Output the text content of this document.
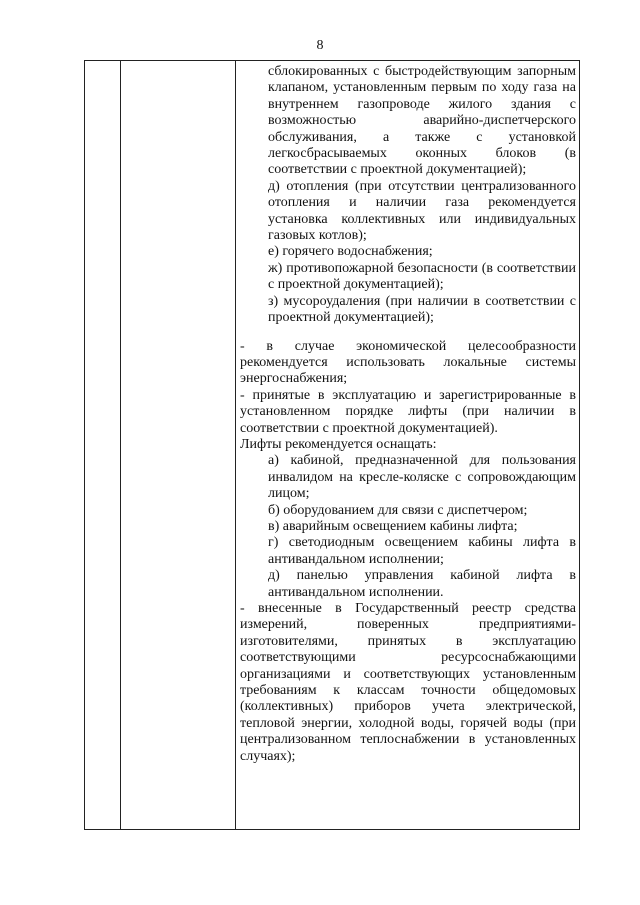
8

сблокированных с быстродействующим запорным клапаном, установленным первым по ходу газа на внутреннем газопроводе жилого здания с возможностью аварийно-диспетчерского обслуживания, а также с установкой легкосбрасываемых оконных блоков (в соответствии с проектной документацией);

д) отопления (при отсутствии централизованного отопления и наличии газа рекомендуется установка коллективных или индивидуальных газовых котлов);

е) горячего водоснабжения;

ж) противопожарной безопасности (в соответствии с проектной документацией);

з) мусороудаления (при наличии в соответствии с проектной документацией);

- в случае экономической целесообразности рекомендуется использовать локальные системы энергоснабжения;

- принятые в эксплуатацию и зарегистрированные в установленном порядке лифты (при наличии в соответствии с проектной документацией).

Лифты рекомендуется оснащать:

а) кабиной, предназначенной для пользования инвалидом на кресле-коляске с сопровождающим лицом;

б) оборудованием для связи с диспетчером;

в) аварийным освещением кабины лифта;

г) светодиодным освещением кабины лифта в антивандальном исполнении;

д) панелью управления кабиной лифта в антивандальном исполнении.

- внесенные в Государственный реестр средства измерений, поверенных предприятиями-изготовителями, принятых в эксплуатацию соответствующими ресурсоснабжающими организациями и соответствующих установленным требованиям к классам точности общедомовых (коллективных) приборов учета электрической, тепловой энергии, холодной воды, горячей воды (при централизованном теплоснабжении в установленных случаях);
